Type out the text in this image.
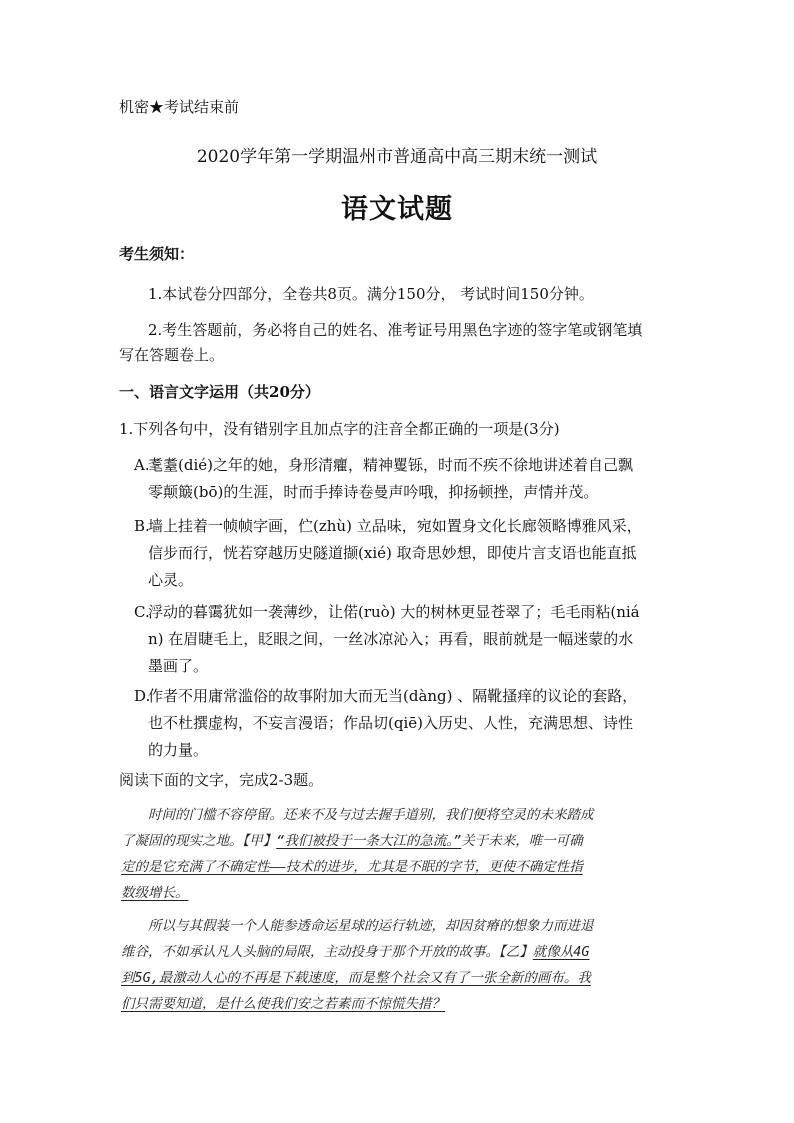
机密★考试结束前
2020学年第一学期温州市普通高中高三期末统一测试
语文试题
考生须知：
1.本试卷分四部分，全卷共8页。满分150分， 考试时间150分钟。
2.考生答题前，务必将自己的姓名、准考证号用黑色字迹的签字笔或钢笔填
写在答题卷上。
一、语言文字运用（共20分）
1.下列各句中，没有错别字且加点字的注音全都正确的一项是(3分)
A.
耄耋(dié)之年的她，身形清癯，精神矍铄，时而不疾不徐地讲述着自己飘
零颠簸(bō)的生涯，时而手捧诗卷曼声吟哦，抑扬顿挫，声情并茂。
B.
墙上挂着一帧帧字画，伫(zhù) 立品味，宛如置身文化长廊领略博雅风采，
信步而行，恍若穿越历史隧道撷(xié) 取奇思妙想，即使片言支语也能直抵
心灵。
C.
浮动的暮霭犹如一袭薄纱，让偌(ruò) 大的树林更显苍翠了；毛毛雨粘(niá
n) 在眉睫毛上，眨眼之间，一丝冰凉沁入；再看，眼前就是一幅迷蒙的水
墨画了。
D.
作者不用庸常滥俗的故事附加大而无当(dàng) 、隔靴搔痒的议论的套路，
也不杜撰虚构，不妄言漫语；作品切(qiē)入历史、人性，充满思想、诗性
的力量。
阅读下面的文字，完成2-3题。
时间的门槛不容停留。还来不及与过去握手道别，我们便将空灵的未来踏成
了凝固的现实之地。【甲】“我们被投于一条大江的急流。”关于未来，唯一可确
定的是它充满了不确定性——技术的进步，尤其是不眠的字节，更使不确定性指
数级增长。
所以与其假装一个人能参透命运星球的运行轨迹，却因贫瘠的想象力而进退
维谷，不如承认凡人头脑的局限，主动投身于那个开放的故事。【乙】就像从4G
到5G,最激动人心的不再是下载速度，而是整个社会又有了一张全新的画布。我
们只需要知道，是什么使我们安之若素而不惊慌失措？
